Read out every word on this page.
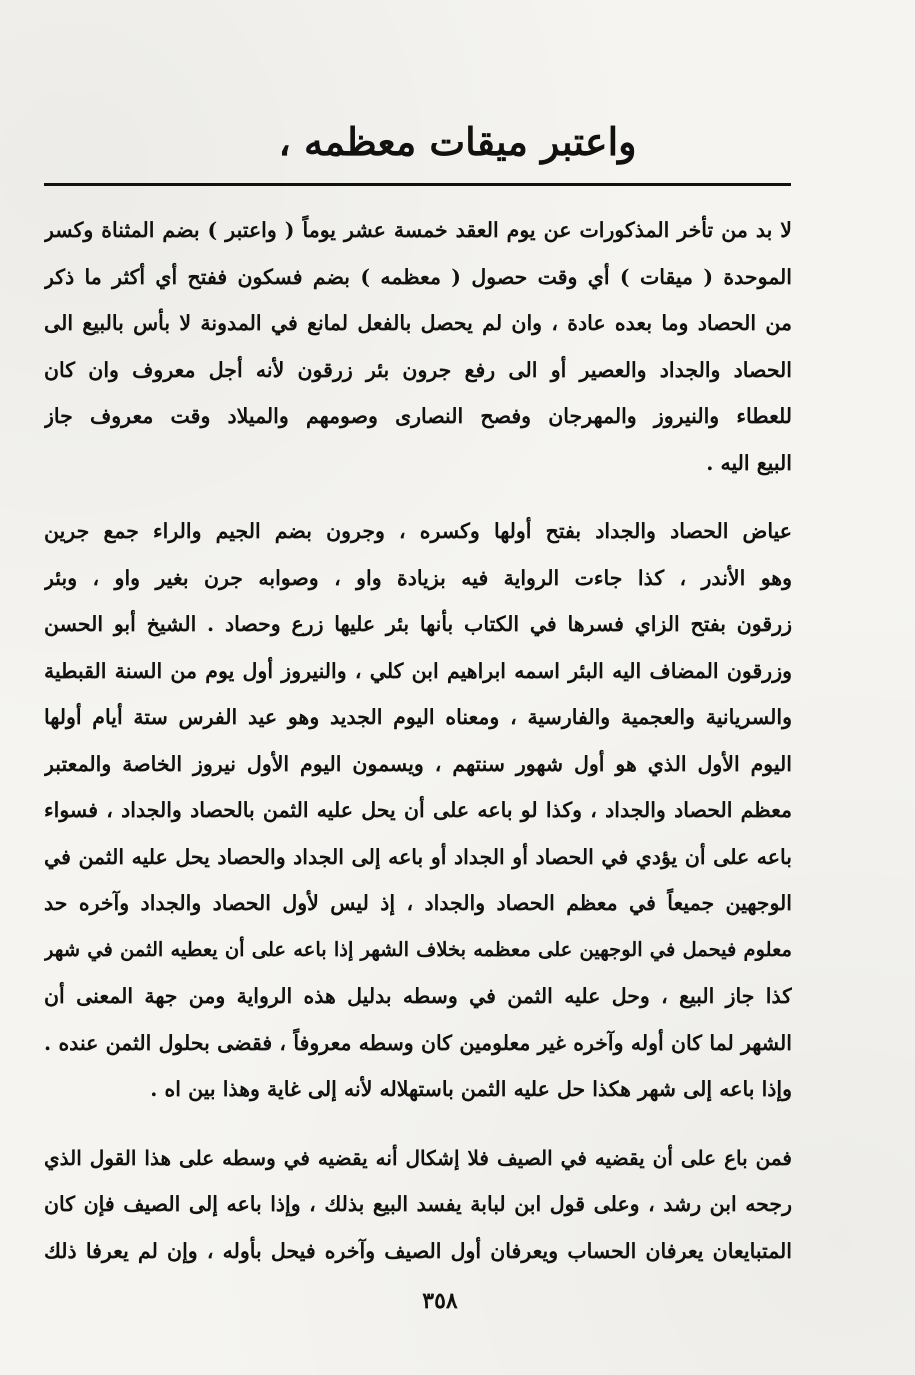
واعتبر ميقات معظمه ،

لا بد من تأخر المذكورات عن يوم العقد خمسة عشر يوماً ( واعتبر ) بضم المثناة وكسر
الموحدة ( ميقات ) أي وقت حصول ( معظمه ) بضم فسكون ففتح أي أكثر ما ذكر
من الحصاد وما بعده عادة ، وان لم يحصل بالفعل لمانع في المدونة لا بأس بالبيع الى
الحصاد والجداد والعصير أو الى رفع جرون بئر زرقون لأنه أجل معروف وان كان
للعطاء والنيروز والمهرجان وفصح النصارى وصومهم والميلاد وقت معروف جاز
البيع اليه .

عياض الحصاد والجداد بفتح أولها وكسره ، وجرون بضم الجيم والراء جمع جرين
وهو الأندر ، كذا جاءت الرواية فيه بزيادة واو ، وصوابه جرن بغير واو ، وبئر
زرقون بفتح الزاي فسرها في الكتاب بأنها بئر عليها زرع وحصاد . الشيخ أبو الحسن
وزرقون المضاف اليه البئر اسمه ابراهيم ابن كلي ، والنيروز أول يوم من السنة القبطية
والسريانية والعجمية والفارسية ، ومعناه اليوم الجديد وهو عيد الفرس ستة أيام أولها
اليوم الأول الذي هو أول شهور سنتهم ، ويسمون اليوم الأول نيروز الخاصة والمعتبر
معظم الحصاد والجداد ، وكذا لو باعه على أن يحل عليه الثمن بالحصاد والجداد ، فسواء
باعه على أن يؤدي في الحصاد أو الجداد أو باعه إلى الجداد والحصاد يحل عليه الثمن في
الوجهين جميعاً في معظم الحصاد والجداد ، إذ ليس لأول الحصاد والجداد وآخره حد
معلوم فيحمل في الوجهين على معظمه بخلاف الشهر إذا باعه على أن يعطيه الثمن في شهر
كذا جاز البيع ، وحل عليه الثمن في وسطه بدليل هذه الرواية ومن جهة المعنى أن
الشهر لما كان أوله وآخره غير معلومين كان وسطه معروفاً ، فقضى بحلول الثمن عنده .
وإذا باعه إلى شهر هكذا حل عليه الثمن باستهلاله لأنه إلى غاية وهذا بين اه .

فمن باع على أن يقضيه في الصيف فلا إشكال أنه يقضيه في وسطه على هذا القول الذي
رجحه ابن رشد ، وعلى قول ابن لبابة يفسد البيع بذلك ، وإذا باعه إلى الصيف فإن كان
المتبايعان يعرفان الحساب ويعرفان أول الصيف وآخره فيحل بأوله ، وإن لم يعرفا ذلك

٣٥٨
